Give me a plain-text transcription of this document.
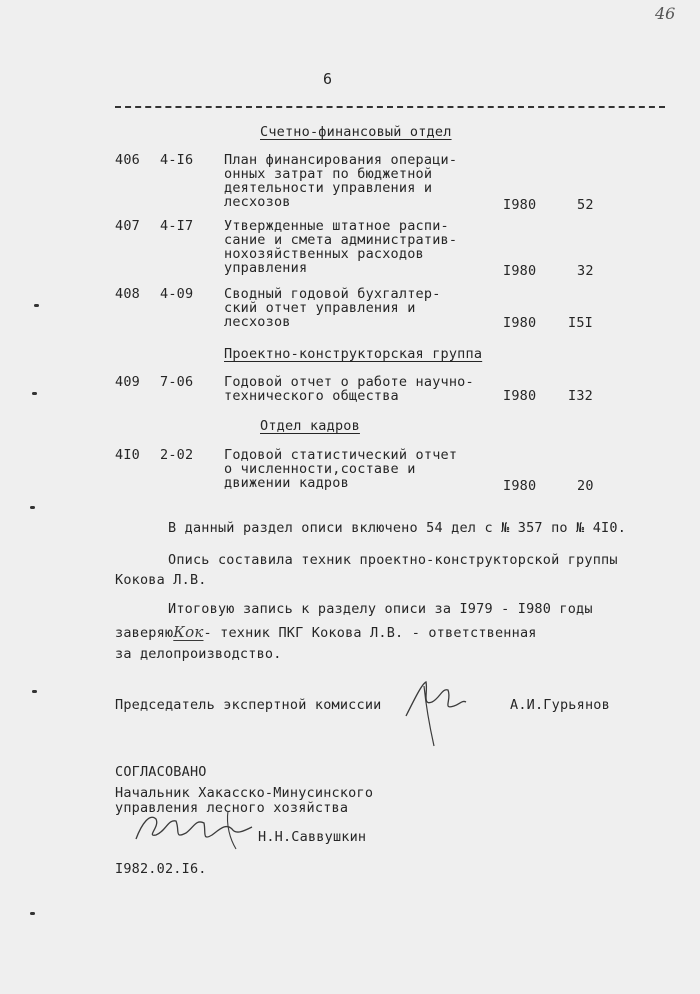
46
6
Счетно-финансовый отдел
406 4-I6 План финансирования операци-
онных затрат по бюджетной
деятельности управления и
лесхозов	I980	52
407 4-I7 Утвержденные штатное распи-
сание и смета административ-
нохозяйственных расходов
управления	I980	32
408 4-09 Сводный годовой бухгалтер-
ский отчет управления и
лесхозов	I980 I5I
Проектно-конструкторская группа
409 7-06 Годовой отчет о работе научно-
технического общества	I980 I32
Отдел кадров
4I0 2-02 Годовой статистический отчет
о численности,составе и
движении кадров	I980	20
В данный раздел описи включено 54 дел с № 357 по № 4I0.
Опись составила техник проектно-конструкторской группы
Кокова Л.В.
Итоговую запись к разделу описи за I979 - I980 годы
заверяюКок- техник ПКГ Кокова Л.В. - ответственная
за делопроизводство.
Председатель экспертной комиссии	А.И.Гурьянов
СОГЛАСОВАНО
Начальник Хакасско-Минусинского
управления лесного хозяйства
Н.Н.Саввушкин
I982.02.I6.
